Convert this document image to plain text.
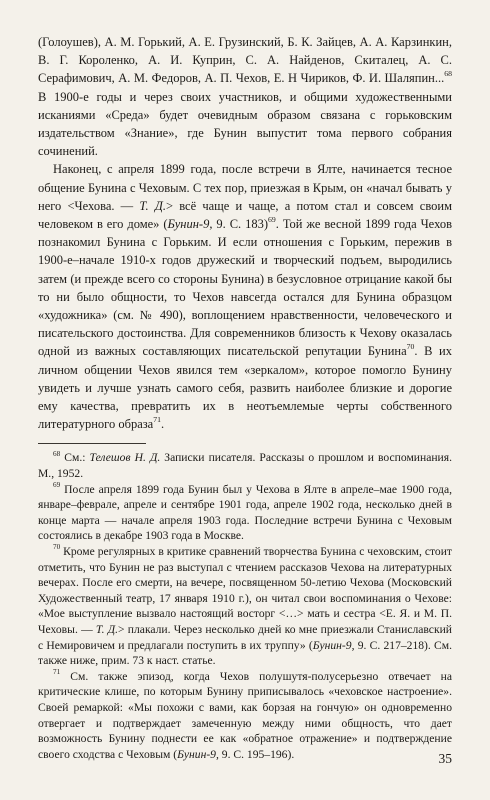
(Голоушев), А. М. Горький, А. Е. Грузинский, Б. К. Зайцев, А. А. Карзинкин, В. Г. Короленко, А. И. Куприн, С. А. Найденов, Скиталец, А. С. Серафимович, А. М. Федоров, А. П. Чехов, Е. Н Чириков, Ф. И. Шаляпин...$^{68}$ В 1900-е годы и через своих участников, и общими художественными исканиями «Среда» будет очевидным образом связана с горьковским издательством «Знание», где Бунин выпустит тома первого собрания сочинений.

Наконец, с апреля 1899 года, после встречи в Ялте, начинается тесное общение Бунина с Чеховым. С тех пор, приезжая в Крым, он «начал бывать у него <Чехова. — Т. Д.> всё чаще и чаще, а потом стал и совсем своим человеком в его доме» (Бунин-9, 9. С. 183)$^{69}$. Той же весной 1899 года Чехов познакомил Бунина с Горьким. И если отношения с Горьким, пережив в 1900-е–начале 1910-х годов дружеский и творческий подъем, выродились затем (и прежде всего со стороны Бунина) в безусловное отрицание какой бы то ни было общности, то Чехов навсегда остался для Бунина образцом «художника» (см. № 490), воплощением нравственности, человеческого и писательского достоинства. Для современников близость к Чехову оказалась одной из важных составляющих писательской репутации Бунина$^{70}$. В их личном общении Чехов явился тем «зеркалом», которое помогло Бунину увидеть и лучше узнать самого себя, развить наиболее близкие и дорогие ему качества, превратить их в неотъемлемые черты собственного литературного образа$^{71}$.

$^{68}$ См.: Телешов Н. Д. Записки писателя. Рассказы о прошлом и воспоминания. М., 1952.

$^{69}$ После апреля 1899 года Бунин был у Чехова в Ялте в апреле–мае 1900 года, январе–феврале, апреле и сентябре 1901 года, апреле 1902 года, несколько дней в конце марта — начале апреля 1903 года. Последние встречи Бунина с Чеховым состоялись в декабре 1903 года в Москве.

$^{70}$ Кроме регулярных в критике сравнений творчества Бунина с чеховским, стоит отметить, что Бунин не раз выступал с чтением рассказов Чехова на литературных вечерах. После его смерти, на вечере, посвященном 50-летию Чехова (Московский Художественный театр, 17 января 1910 г.), он читал свои воспоминания о Чехове: «Мое выступление вызвало настоящий восторг <…> мать и сестра <Е. Я. и М. П. Чеховы. — Т. Д.> плакали. Через несколько дней ко мне приезжали Станиславский с Немировичем и предлагали поступить в их труппу» (Бунин-9, 9. С. 217–218). См. также ниже, прим. 73 к наст. статье.

$^{71}$ См. также эпизод, когда Чехов полушутя-полусерьезно отвечает на критические клише, по которым Бунину приписывалось «чеховское настроение». Своей ремаркой: «Мы похожи с вами, как борзая на гончую» он одновременно отвергает и подтверждает замеченную между ними общность, что дает возможность Бунину поднести ее как «обратное отражение» и подтверждение своего сходства с Чеховым (Бунин-9, 9. С. 195–196).	35
